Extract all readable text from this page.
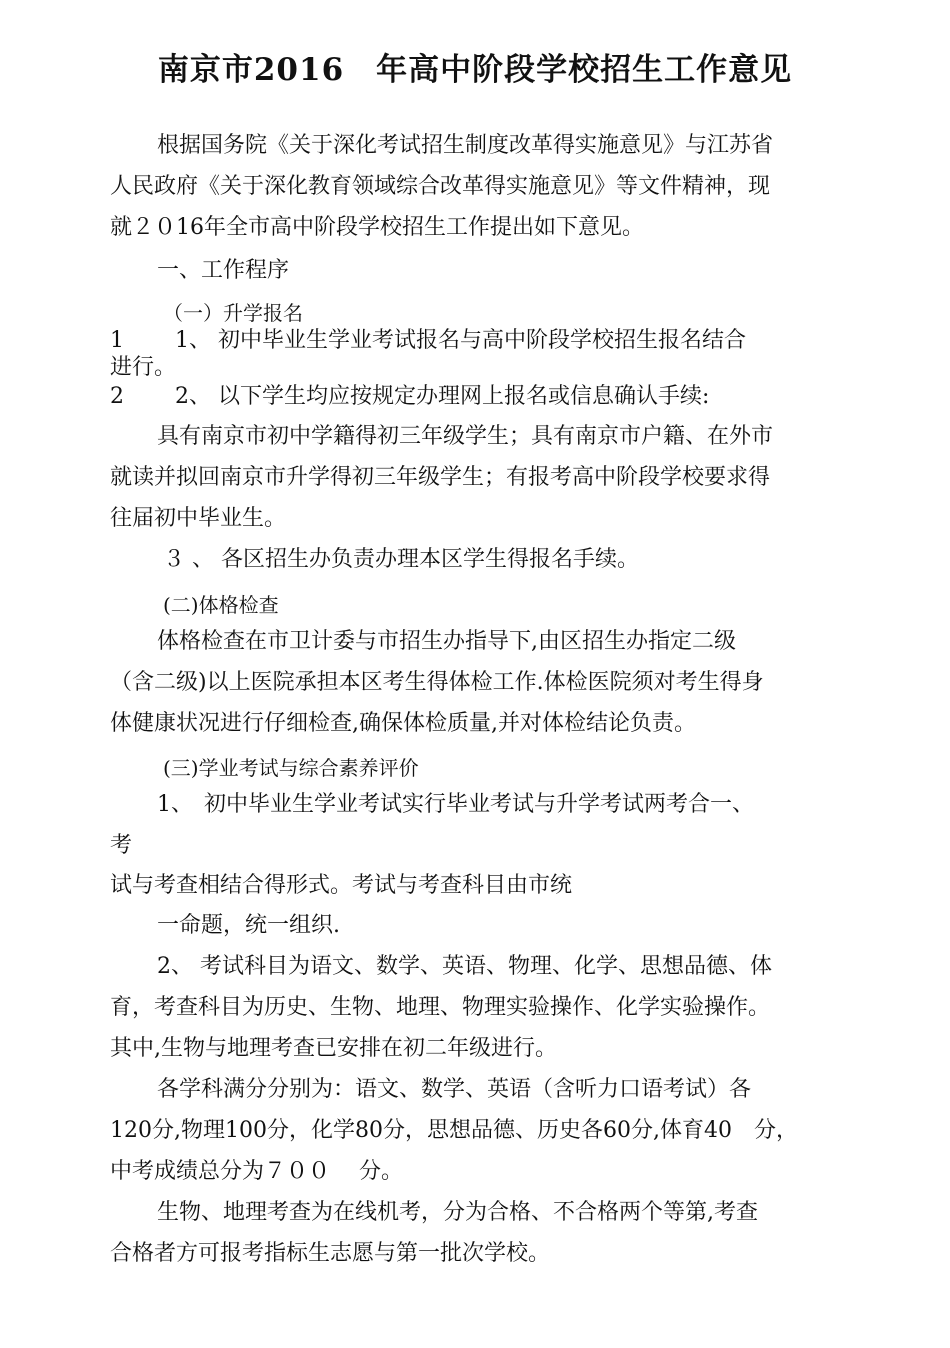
南京市2016　年高中阶段学校招生工作意见
根据国务院《关于深化考试招生制度改革得实施意见》与江苏省
人民政府《关于深化教育领域综合改革得实施意见》等文件精神，现
就２０16年全市高中阶段学校招生工作提出如下意见。
一、工作程序
（一）升学报名
1　　 1、 初中毕业生学业考试报名与高中阶段学校招生报名结合
进行。
2　　 2、 以下学生均应按规定办理网上报名或信息确认手续:
具有南京市初中学籍得初三年级学生；具有南京市户籍、在外市
就读并拟回南京市升学得初三年级学生；有报考高中阶段学校要求得
往届初中毕业生。
３ 、 各区招生办负责办理本区学生得报名手续。
(二)体格检查
体格检查在市卫计委与市招生办指导下,由区招生办指定二级
（含二级)以上医院承担本区考生得体检工作.体检医院须对考生得身
体健康状况进行仔细检查,确保体检质量,并对体检结论负责。
(三)学业考试与综合素养评价
1、　初中毕业生学业考试实行毕业考试与升学考试两考合一、
考
试与考查相结合得形式。考试与考查科目由市统
一命题，统一组织.
2、 考试科目为语文、数学、英语、物理、化学、思想品德、体
育，考查科目为历史、生物、地理、物理实验操作、化学实验操作。
其中,生物与地理考查已安排在初二年级进行。
各学科满分分别为：语文、数学、英语（含听力口语考试）各
120分,物理100分，化学80分，思想品德、历史各60分,体育40　分，
中考成绩总分为７００　 分。
生物、地理考查为在线机考，分为合格、不合格两个等第,考查
合格者方可报考指标生志愿与第一批次学校。
